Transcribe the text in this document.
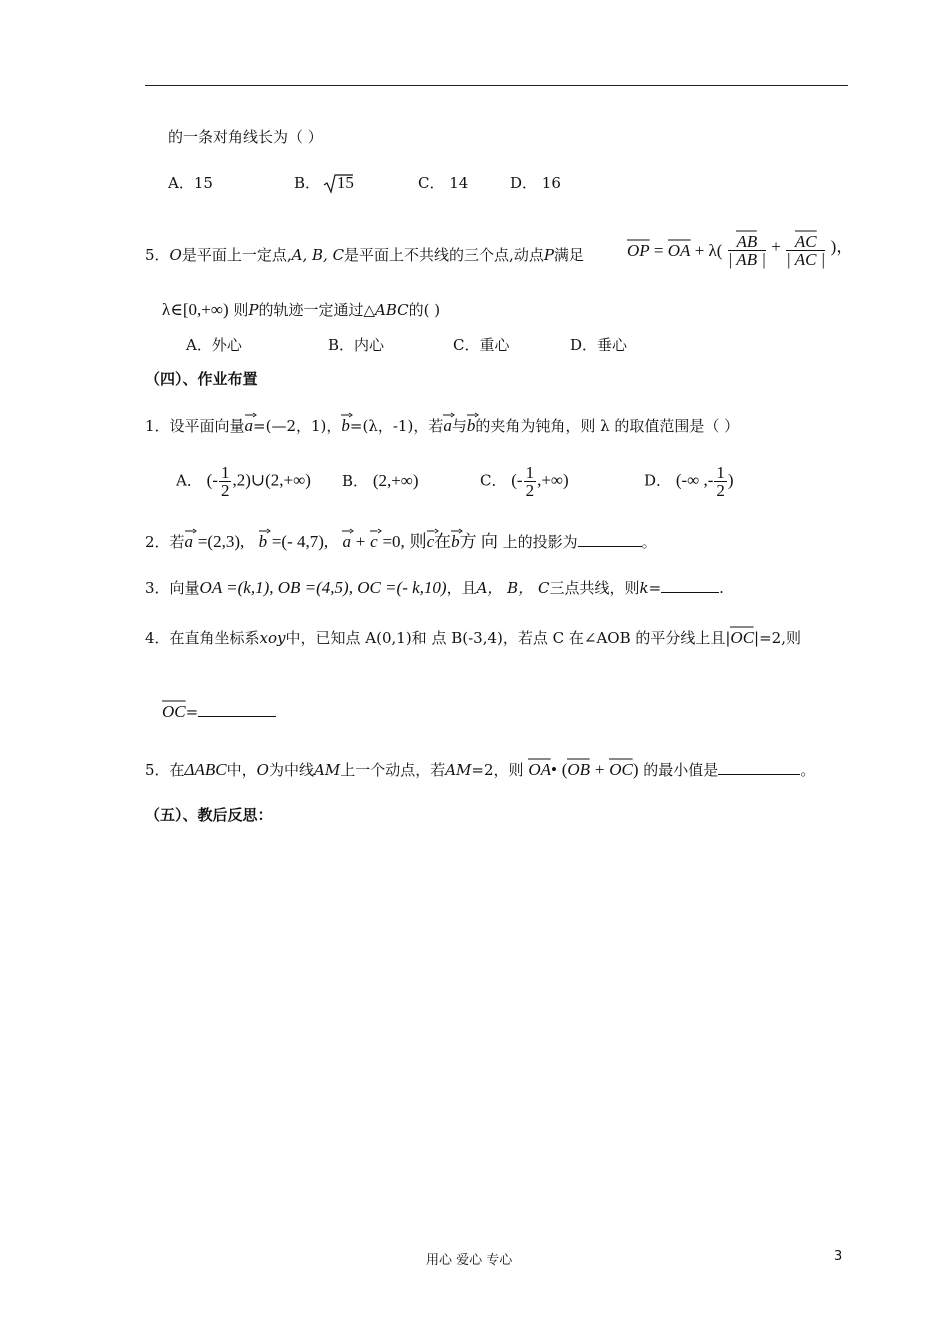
的一条对角线长为（ ）
A．15	B． 15	C． 14	D． 16
5．O是平面上一定点,A, B, C是平面上不共线的三个点,动点P满足	OP = OA + $\lambda( \frac{AB}{| AB |} + \frac{AC}{| AC |}$ )，
λ∈[0,+∞) 则P的轨迹一定通过△ABC的( )
A．外心	B．内心	C．重心	D．垂心
（四）、作业布置
1．设平面向量
a=(—2，1)，
b=(λ，-1)，若
a与
b的夹角为钝角，则 λ 的取值范围是（ ）
A． (- $\frac{1}{2}$ ,2)∪(2,+∞) B． (2,+∞)	C． (- $\frac{1}{2}$ ,+∞)	D． (-∞ ,- $\frac{1}{2}$ )
2．若
a =(2,3), b =(- 4,7), a + c =0, 则
c在
b方 向 上的投影为	。
3．向量OA =(k,1), OB =(4,5), OC =(- k,10)，且A， B， C三点共线，则k=	.
4．在直角坐标系xoy中，已知点 A(0,1)和 点 B(-3,4)，若点 C 在∠AOB 的平分线上且|
OC|=2,则
OC=
5．在ΔABC中，O为中线AM上一个动点，若AM=2，则 OA• (
OB + OC) 的最小值是	。
（五）、教后反思：
用心 爱心 专心	3
